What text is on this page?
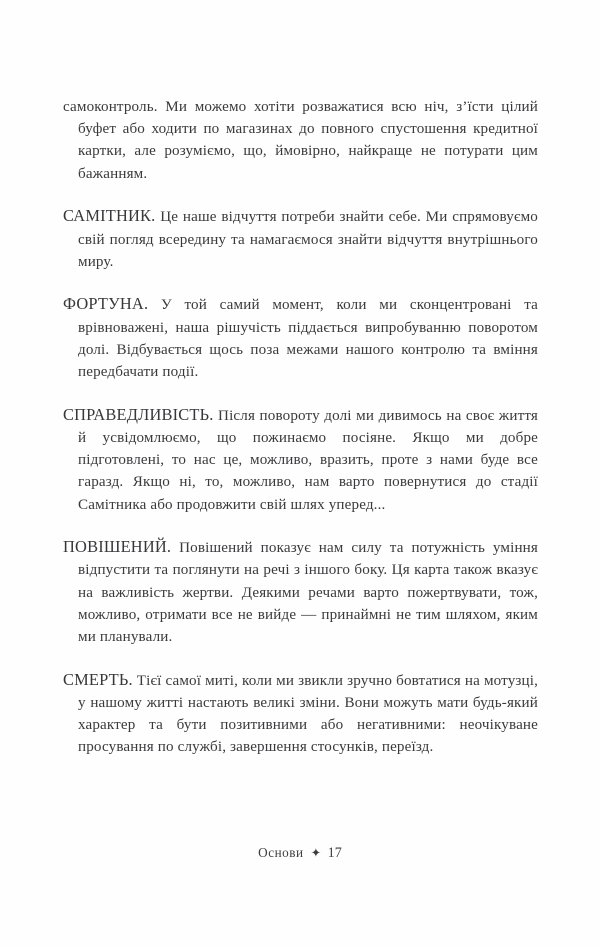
самоконтроль. Ми можемо хотіти розважатися всю ніч, з’їсти цілий буфет або ходити по магазинах до повного спустошення кредитної картки, але розуміємо, що, ймовірно, найкраще не потурати цим бажанням.

САМІТНИК. Це наше відчуття потреби знайти себе. Ми спрямовуємо свій погляд всередину та намагаємося знайти відчуття внутрішнього миру.

ФОРТУНА. У той самий момент, коли ми сконцентровані та врівноважені, наша рішучість піддається випробуванню поворотом долі. Відбувається щось поза межами нашого контролю та вміння передбачати події.

СПРАВЕДЛИВІСТЬ. Після повороту долі ми дивимось на своє життя й усвідомлюємо, що пожинаємо посіяне. Якщо ми добре підготовлені, то нас це, можливо, вразить, проте з нами буде все гаразд. Якщо ні, то, можливо, нам варто повернутися до стадії Самітника або продовжити свій шлях уперед...

ПОВІШЕНИЙ. Повішений показує нам силу та потужність уміння відпустити та поглянути на речі з іншого боку. Ця карта також вказує на важливість жертви. Деякими речами варто пожертвувати, тож, можливо, отримати все не вийде — принаймні не тим шляхом, яким ми планували.

СМЕРТЬ. Тієї самої миті, коли ми звикли зручно бовтатися на мотузці, у нашому житті настають великі зміни. Вони можуть мати будь-який характер та бути позитивними або негативними: неочікуване просування по службі, завершення стосунків, переїзд.

Основи ✦ 17
